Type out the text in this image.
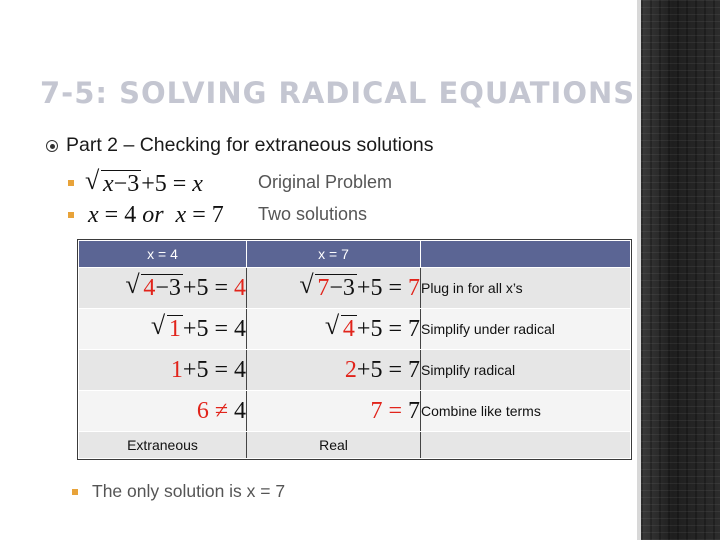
7-5: SOLVING RADICAL EQUATIONS
Part 2 – Checking for extraneous solutions
√ x−3+5 = x	Original Problem
x = 4 or x = 7 Two solutions
x = 4	x = 7	
√ 4−3+5 = 4	√ 7−3+5 = 7	Plug in for all x’s
√ 1+5 = 4	√ 4+5 = 7	Simplify under radical
1+5 = 4	2+5 = 7	Simplify radical
6 ≠ 4	7 = 7	Combine like terms
Extraneous	Real	
The only solution is x = 7
